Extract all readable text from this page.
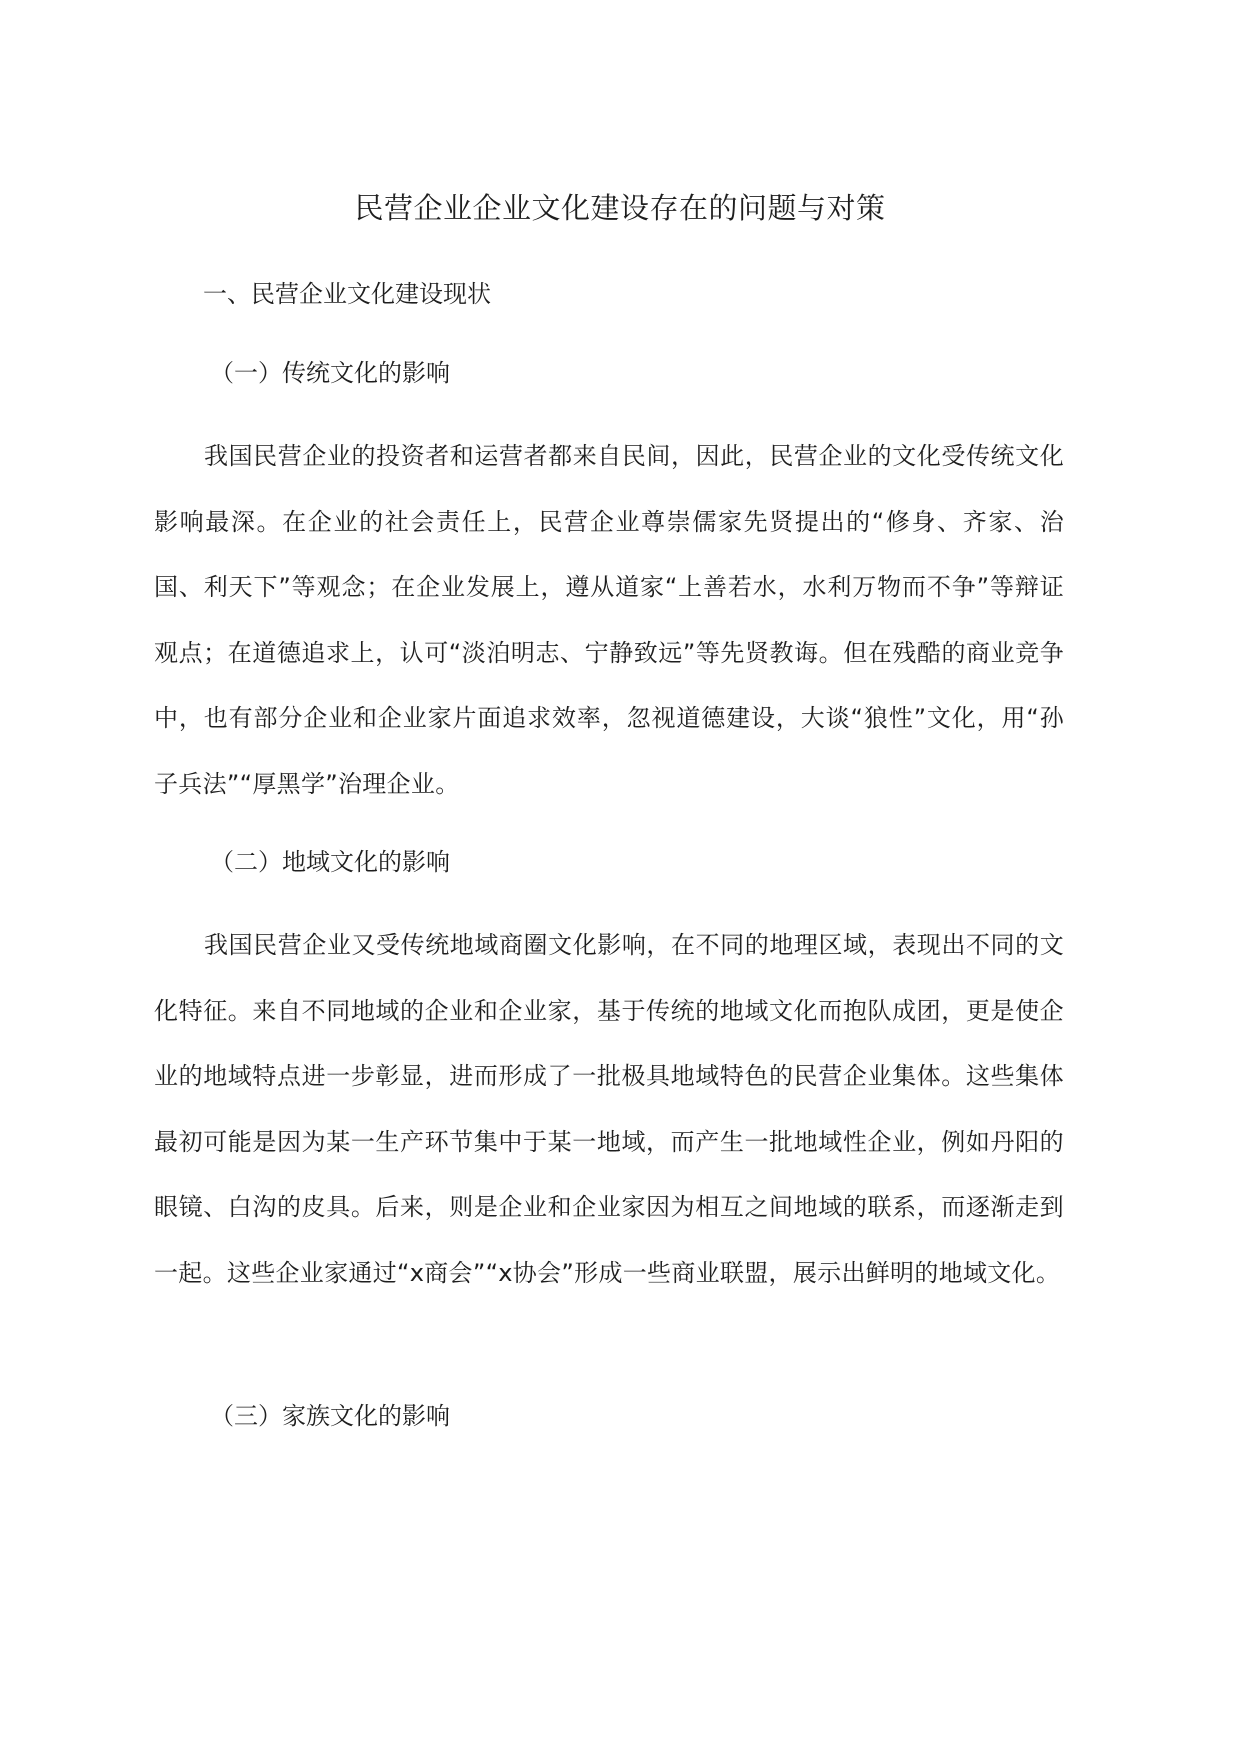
民营企业企业文化建设存在的问题与对策
一、民营企业文化建设现状
（一）传统文化的影响

我国民营企业的投资者和运营者都来自民间，因此，民营企业的文化受传统文化影响最深。在企业的社会责任上，民营企业尊崇儒家先贤提出的“修身、齐家、治国、利天下”等观念；在企业发展上，遵从道家“上善若水，水利万物而不争”等辩证观点；在道德追求上，认可“淡泊明志、宁静致远”等先贤教诲。但在残酷的商业竞争中，也有部分企业和企业家片面追求效率，忽视道德建设，大谈“狼性”文化，用“孙子兵法”“厚黑学”治理企业。

（二）地域文化的影响

我国民营企业又受传统地域商圈文化影响，在不同的地理区域，表现出不同的文化特征。来自不同地域的企业和企业家，基于传统的地域文化而抱队成团，更是使企业的地域特点进一步彰显，进而形成了一批极具地域特色的民营企业集体。这些集体最初可能是因为某一生产环节集中于某一地域，而产生一批地域性企业，例如丹阳的眼镜、白沟的皮具。后来，则是企业和企业家因为相互之间地域的联系，而逐渐走到一起。这些企业家通过“x商会”“x协会”形成一些商业联盟，展示出鲜明的地域文化。

（三）家族文化的影响
